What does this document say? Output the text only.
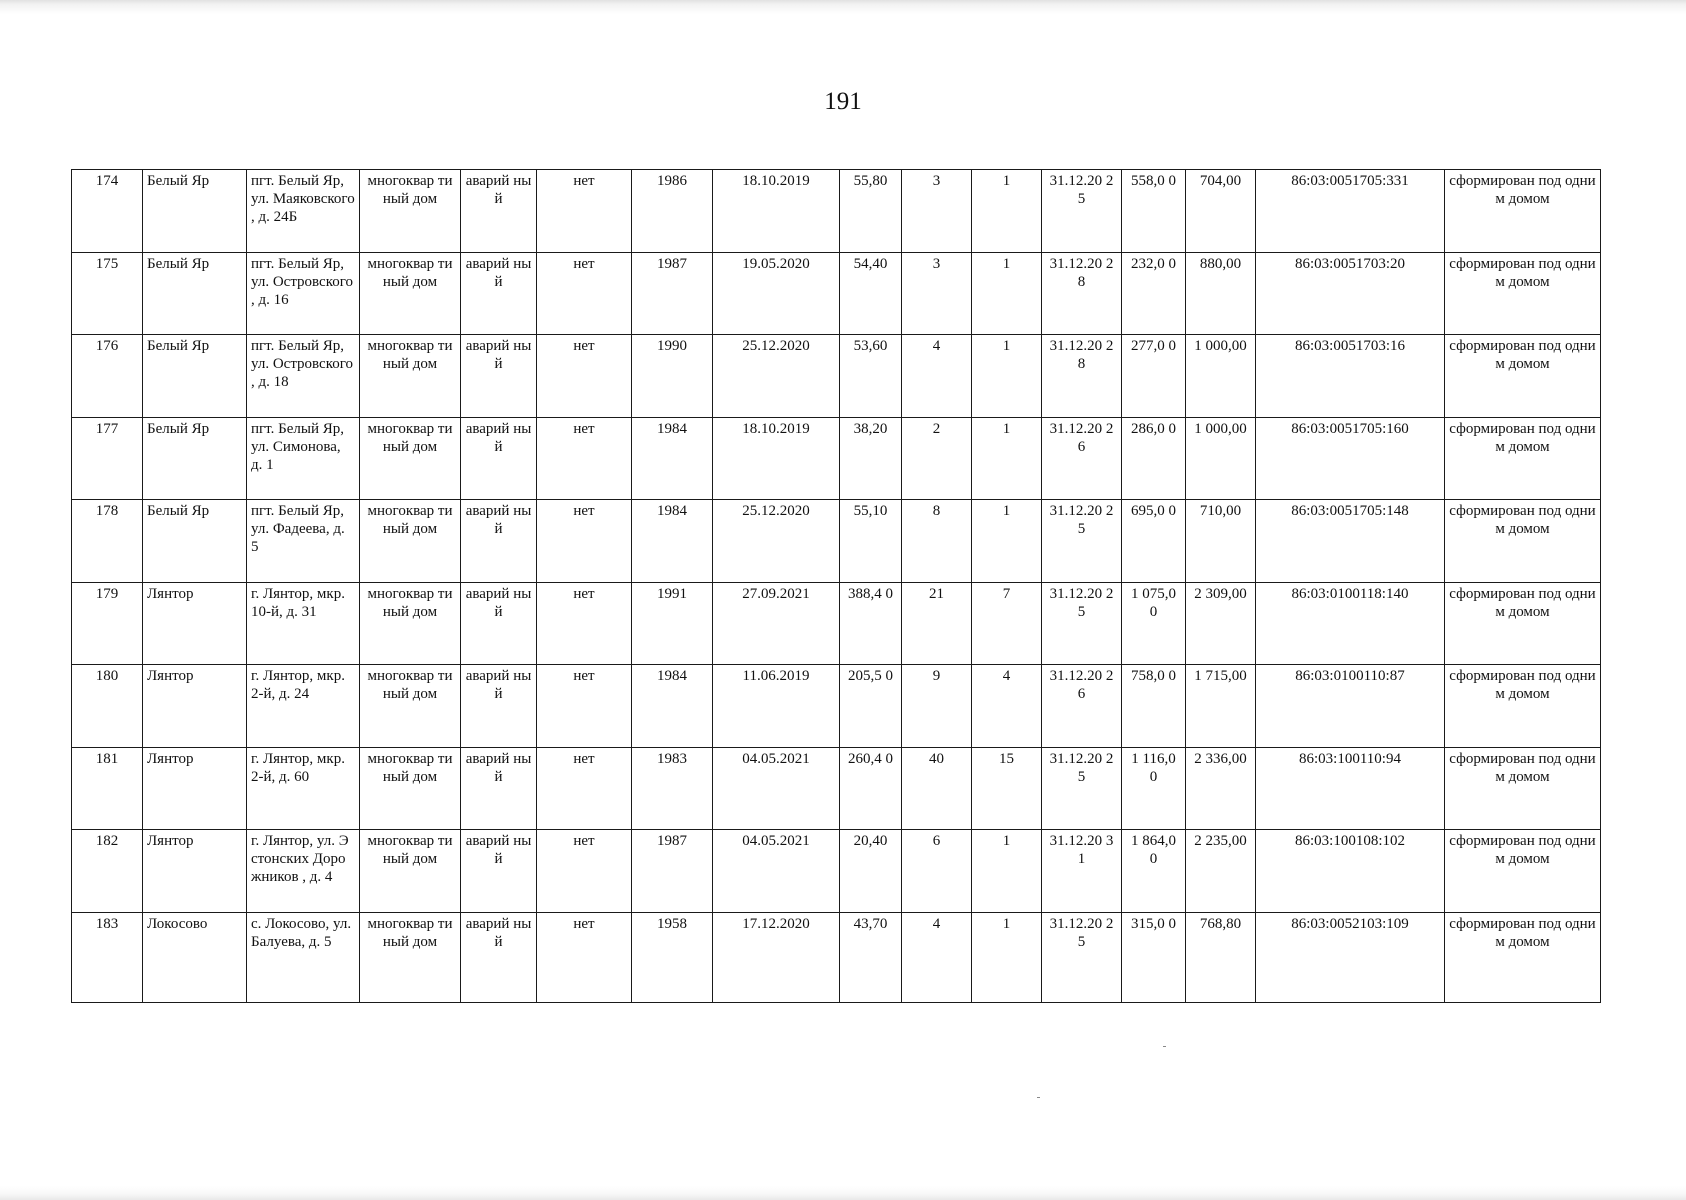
191
174	Белый Яр	пгт. Белый Яр, ул. Маяковского , д. 24Б	многоквар тиный дом	аварий ный	нет	1986	18.10.2019	55,80	3	1	31.12.20 25	558,0 0	704,00	86:03:0051705:331	сформирован под одним домом
175	Белый Яр	пгт. Белый Яр, ул. Островского , д. 16	многоквар тиный дом	аварий ный	нет	1987	19.05.2020	54,40	3	1	31.12.20 28	232,0 0	880,00	86:03:0051703:20	сформирован под одним домом
176	Белый Яр	пгт. Белый Яр, ул. Островского , д. 18	многоквар тиный дом	аварий ный	нет	1990	25.12.2020	53,60	4	1	31.12.20 28	277,0 0	1 000,00	86:03:0051703:16	сформирован под одним домом
177	Белый Яр	пгт. Белый Яр, ул. Симонова, д. 1	многоквар тиный дом	аварий ный	нет	1984	18.10.2019	38,20	2	1	31.12.20 26	286,0 0	1 000,00	86:03:0051705:160	сформирован под одним домом
178	Белый Яр	пгт. Белый Яр, ул. Фадеева, д. 5	многоквар тиный дом	аварий ный	нет	1984	25.12.2020	55,10	8	1	31.12.20 25	695,0 0	710,00	86:03:0051705:148	сформирован под одним домом
179	Лянтор	г. Лянтор, мкр. 10-й, д. 31	многоквар тиный дом	аварий ный	нет	1991	27.09.2021	388,4 0	21	7	31.12.20 25	1 075,0 0	2 309,00	86:03:0100118:140	сформирован под одним домом
180	Лянтор	г. Лянтор, мкр. 2-й, д. 24	многоквар тиный дом	аварий ный	нет	1984	11.06.2019	205,5 0	9	4	31.12.20 26	758,0 0	1 715,00	86:03:0100110:87	сформирован под одним домом
181	Лянтор	г. Лянтор, мкр. 2-й, д. 60	многоквар тиный дом	аварий ный	нет	1983	04.05.2021	260,4 0	40	15	31.12.20 25	1 116,0 0	2 336,00	86:03:100110:94	сформирован под одним домом
182	Лянтор	г. Лянтор, ул. Эстонских Дорожников , д. 4	многоквар тиный дом	аварий ный	нет	1987	04.05.2021	20,40	6	1	31.12.20 31	1 864,0 0	2 235,00	86:03:100108:102	сформирован под одним домом
183	Локосово	с. Локосово, ул. Балуева, д. 5	многоквар тиный дом	аварий ный	нет	1958	17.12.2020	43,70	4	1	31.12.20 25	315,0 0	768,80	86:03:0052103:109	сформирован под одним домом
